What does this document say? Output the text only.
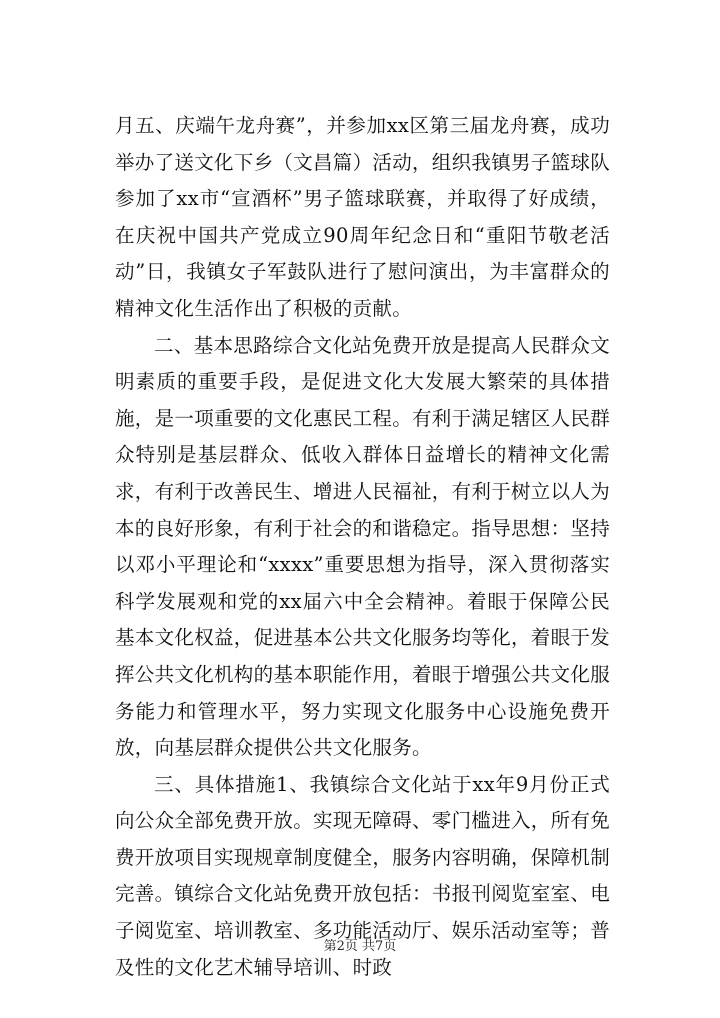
月五、庆端午龙舟赛”，并参加xx区第三届龙舟赛，成功举办了送文化下乡（文昌篇）活动，组织我镇男子篮球队参加了xx市“宣酒杯”男子篮球联赛，并取得了好成绩，在庆祝中国共产党成立90周年纪念日和“重阳节敬老活动”日，我镇女子军鼓队进行了慰问演出，为丰富群众的精神文化生活作出了积极的贡献。

二、基本思路综合文化站免费开放是提高人民群众文明素质的重要手段，是促进文化大发展大繁荣的具体措施，是一项重要的文化惠民工程。有利于满足辖区人民群众特别是基层群众、低收入群体日益增长的精神文化需求，有利于改善民生、增进人民福祉，有利于树立以人为本的良好形象，有利于社会的和谐稳定。指导思想：坚持以邓小平理论和“xxxx”重要思想为指导，深入贯彻落实科学发展观和党的xx届六中全会精神。着眼于保障公民基本文化权益，促进基本公共文化服务均等化，着眼于发挥公共文化机构的基本职能作用，着眼于增强公共文化服务能力和管理水平，努力实现文化服务中心设施免费开放，向基层群众提供公共文化服务。

三、具体措施1、我镇综合文化站于xx年9月份正式向公众全部免费开放。实现无障碍、零门槛进入，所有免费开放项目实现规章制度健全，服务内容明确，保障机制完善。镇综合文化站免费开放包括：书报刊阅览室室、电子阅览室、培训教室、多功能活动厅、娱乐活动室等；普及性的文化艺术辅导培训、时政

第2页 共7页
